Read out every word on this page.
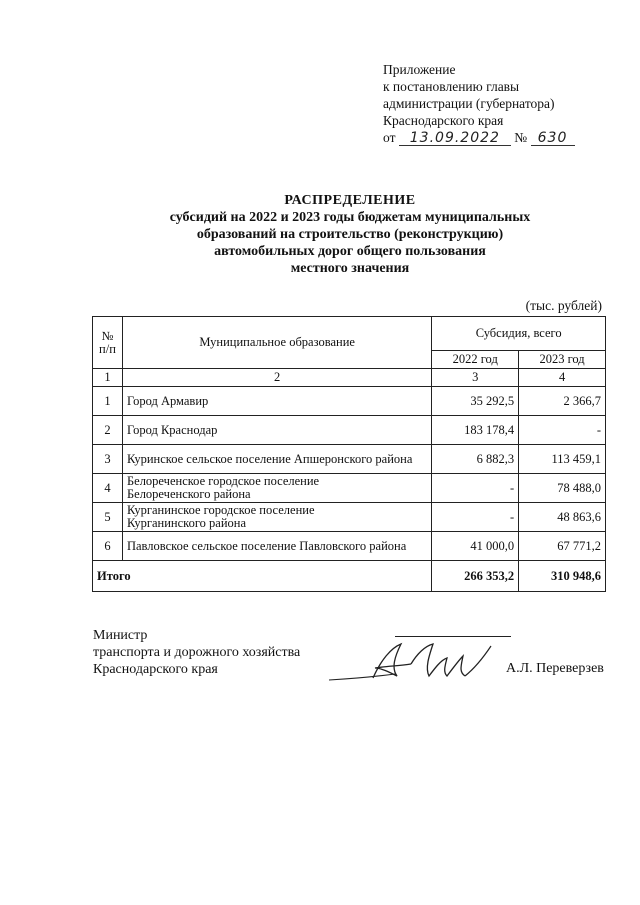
Приложение
к постановлению главы
администрации (губернатора)
Краснодарского края
от 13.09.2022 № 630
РАСПРЕДЕЛЕНИЕ
субсидий на 2022 и 2023 годы бюджетам муниципальных
образований на строительство (реконструкцию)
автомобильных дорог общего пользования
местного значения
(тыс. рублей)
№
п/п	Муниципальное образование	Субсидия, всего	
		2022 год	2023 год
1	2	3	4
1	Город Армавир	35 292,5	2 366,7
2	Город Краснодар	183 178,4	-
3	Куринское сельское поселение Апшеронского района	6 882,3	113 459,1
4	Белореченское городское поселение
Белореченского района	-	78 488,0
5	Курганинское городское поселение
Курганинского района	-	48 863,6
6	Павловское сельское поселение Павловского района	41 000,0	67 771,2
Итого		266 353,2	310 948,6
Министр
транспорта и дорожного хозяйства
Краснодарского края	А.Л. Переверзев
